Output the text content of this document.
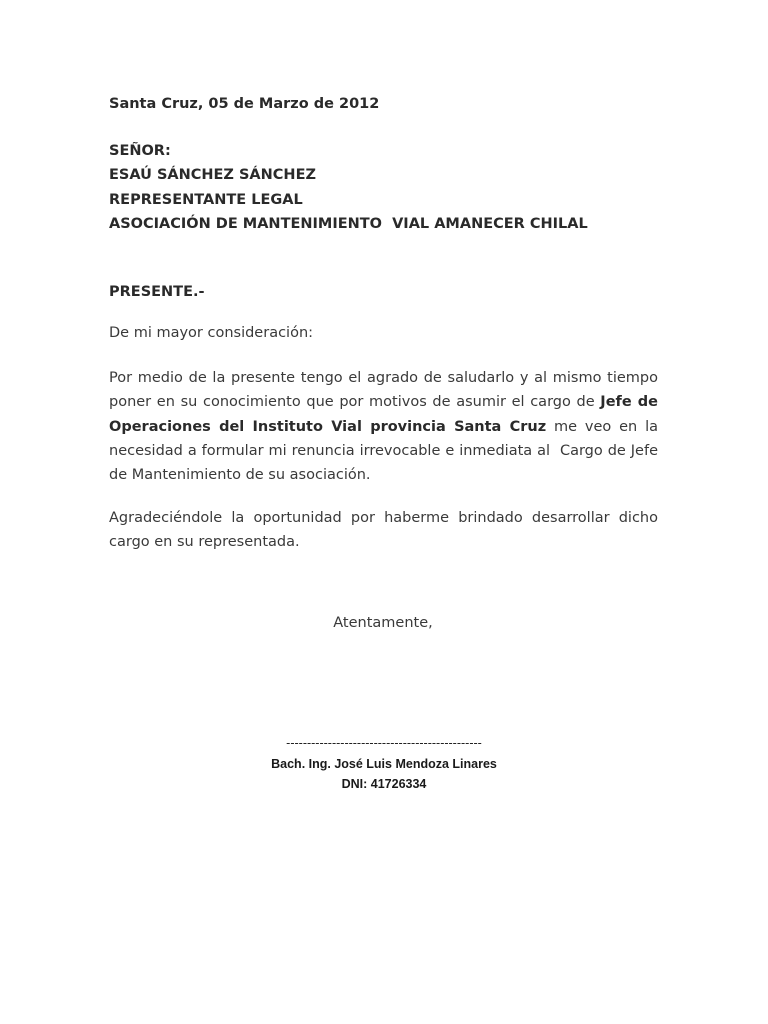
Santa Cruz, 05 de Marzo de 2012
SEÑOR:
ESAÚ SÁNCHEZ SÁNCHEZ
REPRESENTANTE LEGAL
ASOCIACIÓN DE MANTENIMIENTO  VIAL AMANECER CHILAL
PRESENTE.-
De mi mayor consideración:

Por medio de la presente tengo el agrado de saludarlo y al mismo tiempo poner en su conocimiento que por motivos de asumir el cargo de Jefe de Operaciones del Instituto Vial provincia Santa Cruz me veo en la necesidad a formular mi renuncia irrevocable e inmediata al  Cargo de Jefe de Mantenimiento de su asociación.

Agradeciéndole la oportunidad por haberme brindado desarrollar dicho cargo en su representada.

Atentamente,
-----------------------------------------------
Bach. Ing. José Luis Mendoza Linares
DNI: 41726334
